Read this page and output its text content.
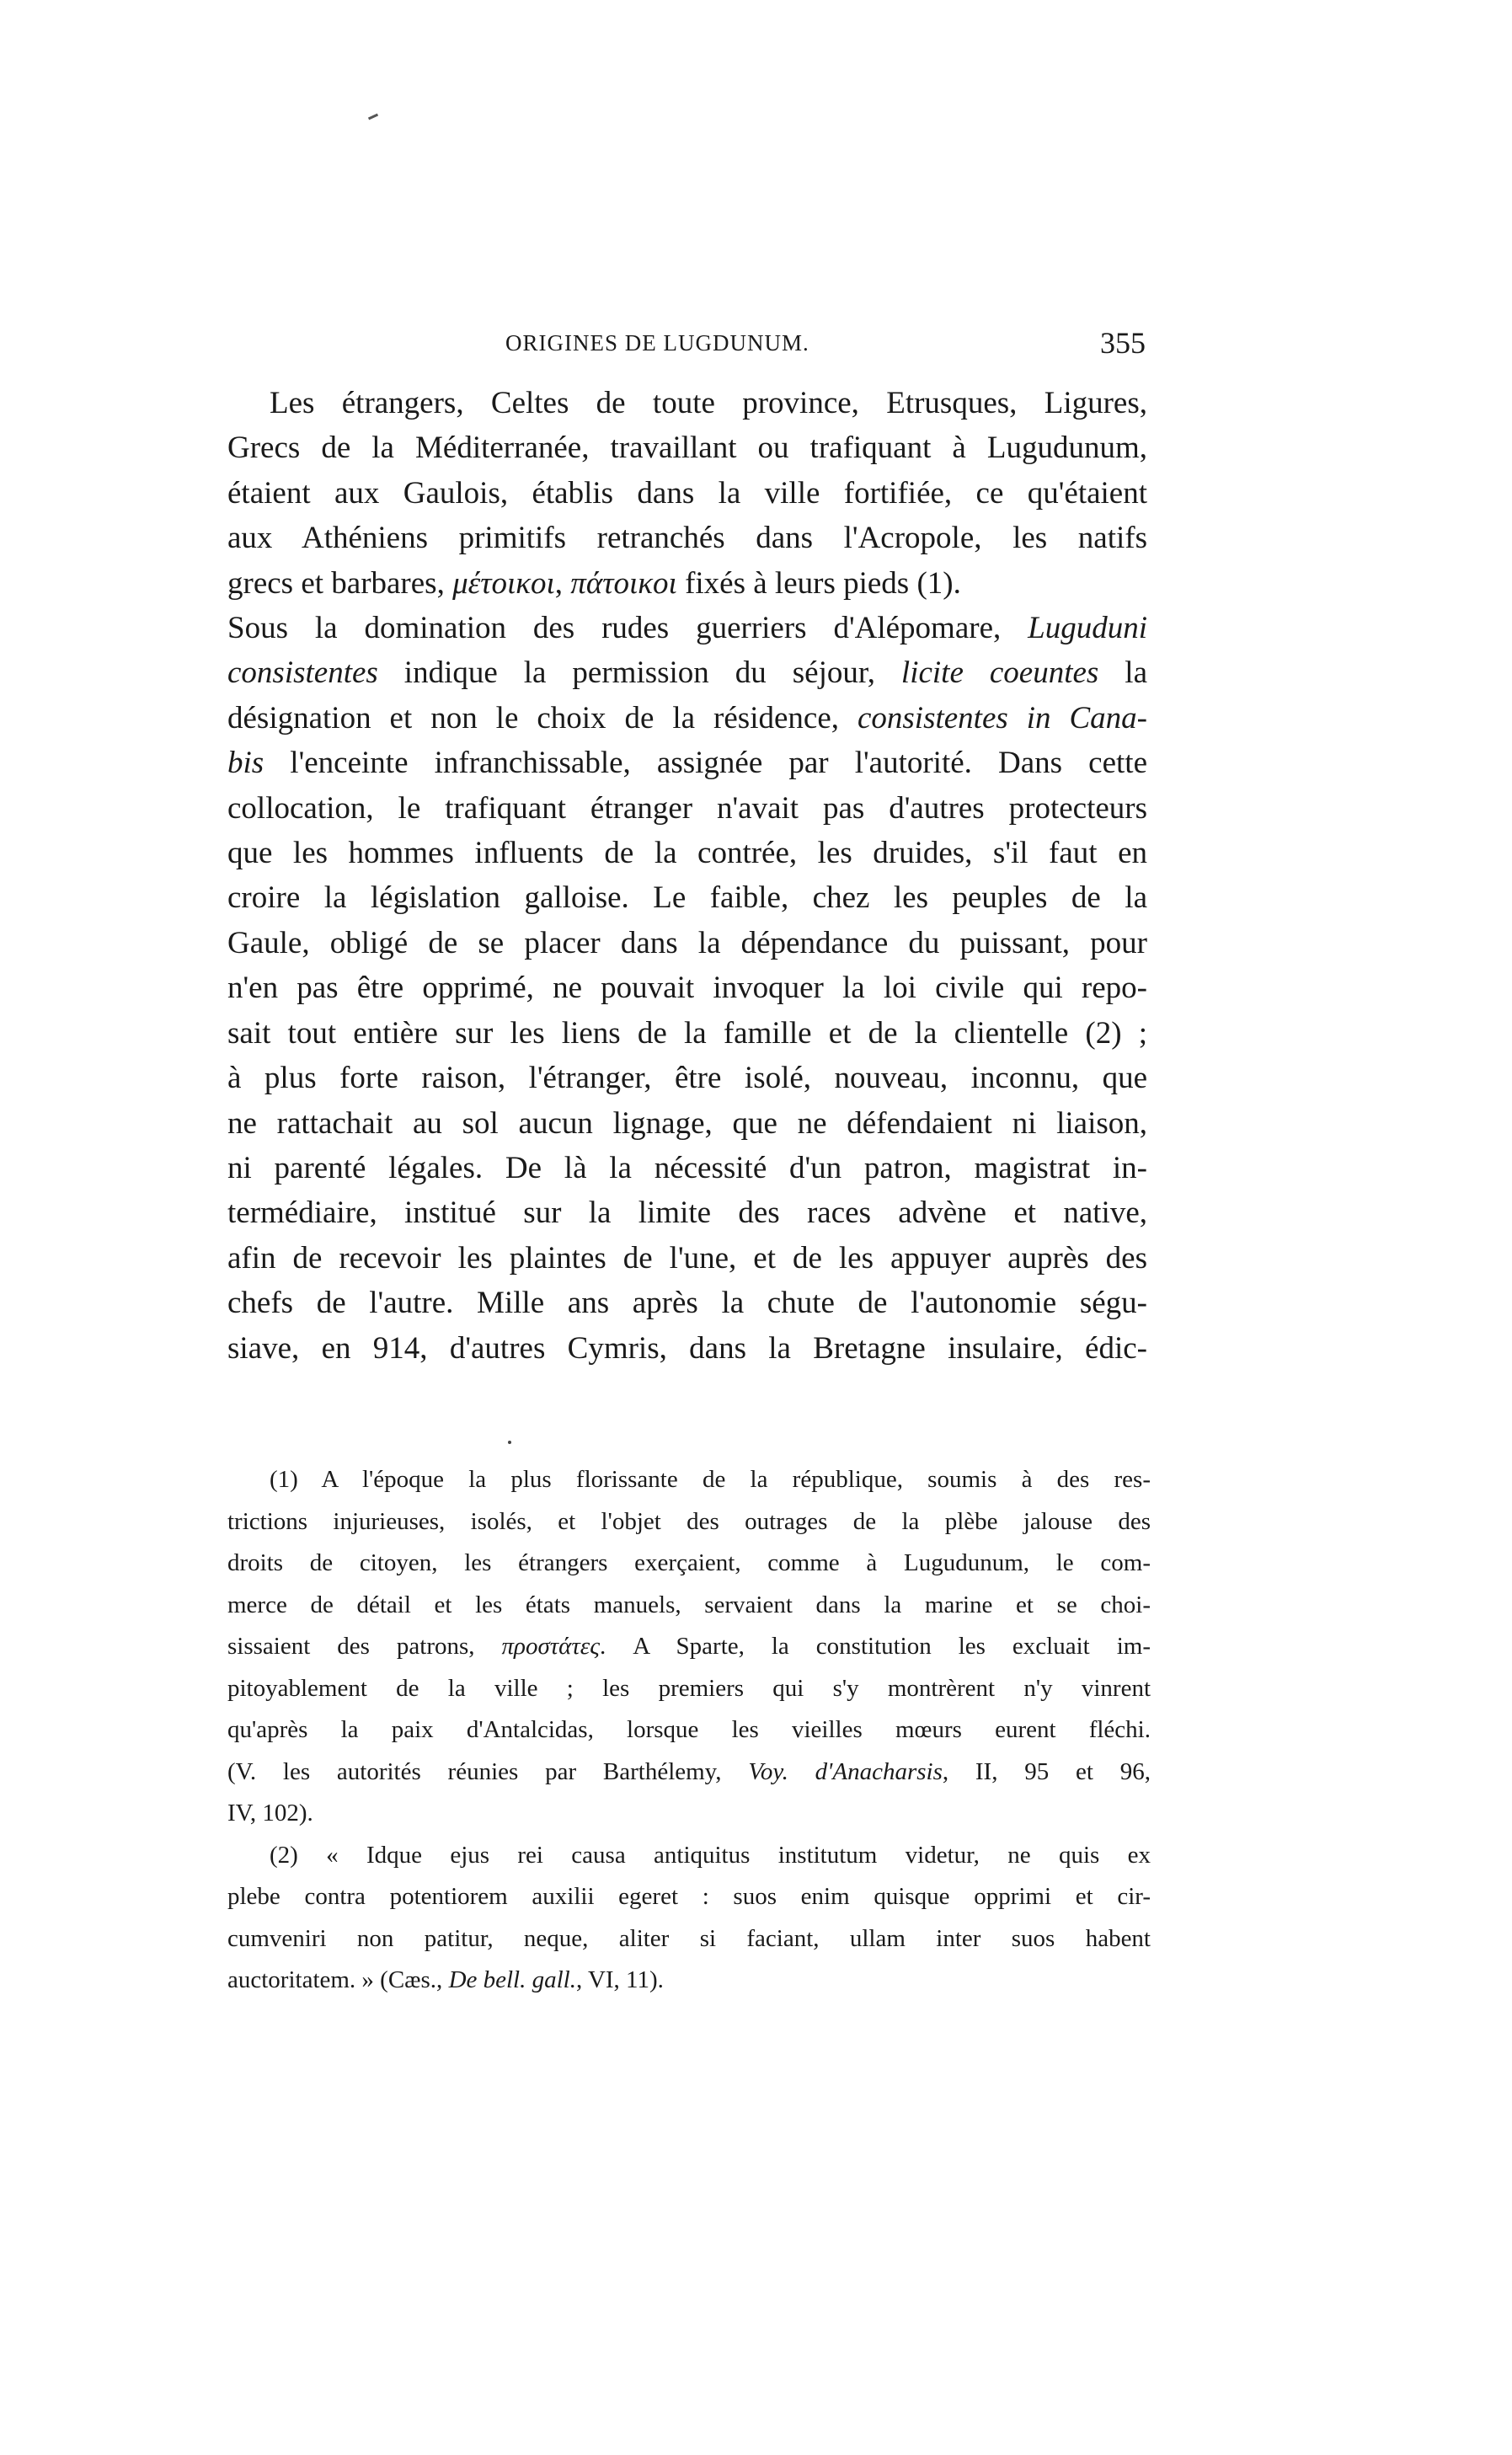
ORIGINES DE LUGDUNUM.	355
Les étrangers, Celtes de toute province, Etrusques, Ligures,
Grecs de la Méditerranée, travaillant ou trafiquant à Lugudunum,
étaient aux Gaulois, établis dans la ville fortifiée, ce qu'étaient
aux Athéniens primitifs retranchés dans l'Acropole, les natifs
grecs et barbares, μέτοικοι, πάτοικοι fixés à leurs pieds (1).
Sous la domination des rudes guerriers d'Alépomare, Luguduni
consistentes indique la permission du séjour, licite coeuntes la
désignation et non le choix de la résidence, consistentes in Cana-
bis l'enceinte infranchissable, assignée par l'autorité. Dans cette
collocation, le trafiquant étranger n'avait pas d'autres protecteurs
que les hommes influents de la contrée, les druides, s'il faut en
croire la législation galloise. Le faible, chez les peuples de la
Gaule, obligé de se placer dans la dépendance du puissant, pour
n'en pas être opprimé, ne pouvait invoquer la loi civile qui repo-
sait tout entière sur les liens de la famille et de la clientelle (2) ;
à plus forte raison, l'étranger, être isolé, nouveau, inconnu, que
ne rattachait au sol aucun lignage, que ne défendaient ni liaison,
ni parenté légales. De là la nécessité d'un patron, magistrat in-
termédiaire, institué sur la limite des races advène et native,
afin de recevoir les plaintes de l'une, et de les appuyer auprès des
chefs de l'autre. Mille ans après la chute de l'autonomie ségu-
siave, en 914, d'autres Cymris, dans la Bretagne insulaire, édic-
(1) A l'époque la plus florissante de la république, soumis à des res-
trictions injurieuses, isolés, et l'objet des outrages de la plèbe jalouse des
droits de citoyen, les étrangers exerçaient, comme à Lugudunum, le com-
merce de détail et les états manuels, servaient dans la marine et se choi-
sissaient des patrons, προστάτες. A Sparte, la constitution les excluait im-
pitoyablement de la ville ; les premiers qui s'y montrèrent n'y vinrent
qu'après la paix d'Antalcidas, lorsque les vieilles mœurs eurent fléchi.
(V. les autorités réunies par Barthélemy, Voy. d'Anacharsis, II, 95 et 96,
IV, 102).
(2) « Idque ejus rei causa antiquitus institutum videtur, ne quis ex
plebe contra potentiorem auxilii egeret : suos enim quisque opprimi et cir-
cumveniri non patitur, neque, aliter si faciant, ullam inter suos habent
auctoritatem. » (Cæs., De bell. gall., VI, 11).
